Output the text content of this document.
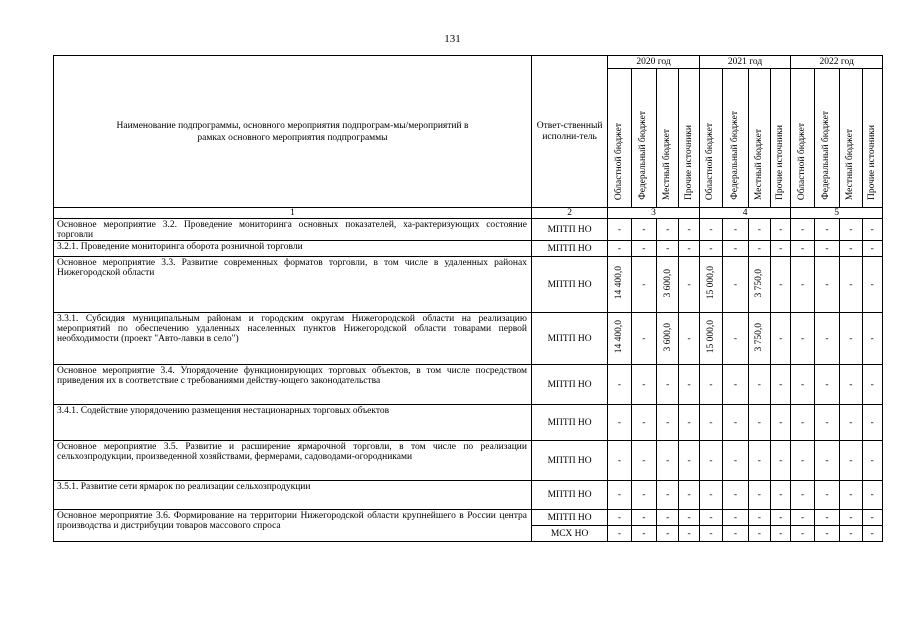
131
Наименование подпрограммы, основного мероприятия подпрограм-мы/мероприятий в рамках основного мероприятия подпрограммы	Ответ-ственный исполни-тель	2020 год				2021 год				2022 год			
		Областной бюджет	Федеральный бюджет	Местный бюджет	Прочие источники	Областной бюджет	Федеральный бюджет	Местный бюджет	Прочие источники	Областной бюджет	Федеральный бюджет	Местный бюджет	Прочие источники
1	2	3				4				5			
Основное мероприятие 3.2. Проведение мониторинга основных показателей, ха-рактеризующих состояние торговли	МПТП НО	-	-	-	-	-	-	-	-	-	-	-	-
3.2.1. Проведение мониторинга оборота розничной торговли	МПТП НО	-	-	-	-	-	-	-	-	-	-	-	-
Основное мероприятие 3.3. Развитие современных форматов торговли, в том числе в удаленных районах Нижегородской области	МПТП НО	14 400,0	-	3 600,0	-	15 000,0	-	3 750,0	-	-	-	-	-
3.3.1. Субсидия муниципальным районам и городским округам Нижегородской области на реализацию мероприятий по обеспечению удаленных населенных пунктов Нижегородской области товарами первой необходимости (проект "Авто-лавки в село")	МПТП НО	14 400,0	-	3 600,0	-	15 000,0	-	3 750,0	-	-	-	-	-
Основное мероприятие 3.4. Упорядочение функционирующих торговых объектов, в том числе посредством приведения их в соответствие с требованиями действу-ющего законодательства	МПТП НО	-	-	-	-	-	-	-	-	-	-	-	-
3.4.1. Содействие упорядочению размещения нестационарных торговых объектов	МПТП НО	-	-	-	-	-	-	-	-	-	-	-	-
Основное мероприятие 3.5. Развитие и расширение ярмарочной торговли, в том числе по реализации сельхозпродукции, произведенной хозяйствами, фермерами, садоводами-огородниками	МПТП НО	-	-	-	-	-	-	-	-	-	-	-	-
3.5.1. Развитие сети ярмарок по реализации сельхозпродукции	МПТП НО	-	-	-	-	-	-	-	-	-	-	-	-
Основное мероприятие 3.6. Формирование на территории Нижегородской области крупнейшего в России центра производства и дистрибуции товаров массового спроса	МПТП НО	-	-	-	-	-	-	-	-	-	-	-	-
	МСХ НО	-	-	-	-	-	-	-	-	-	-	-	-
